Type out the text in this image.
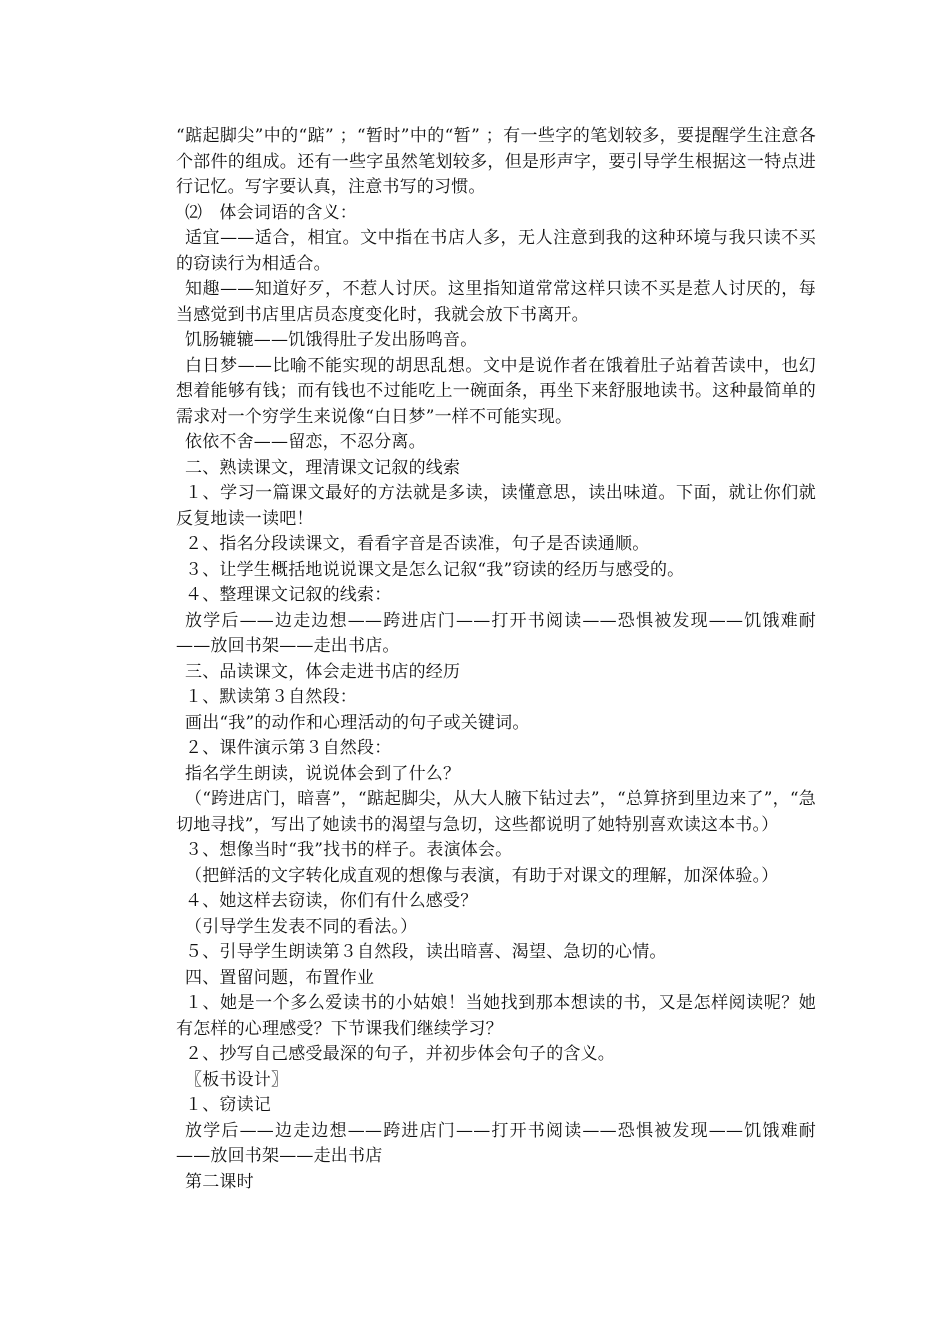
“踮起脚尖”中的“踮” ；“暂时”中的“暂” ；有一些字的笔划较多，要提醒学生注意各个部件的组成。还有一些字虽然笔划较多，但是形声字，要引导学生根据这一特点进行记忆。写字要认真，注意书写的习惯。

⑵　体会词语的含义：

适宜——适合，相宜。文中指在书店人多，无人注意到我的这种环境与我只读不买的窃读行为相适合。

知趣——知道好歹，不惹人讨厌。这里指知道常常这样只读不买是惹人讨厌的，每当感觉到书店里店员态度变化时，我就会放下书离开。

饥肠辘辘——饥饿得肚子发出肠鸣音。

白日梦——比喻不能实现的胡思乱想。文中是说作者在饿着肚子站着苦读中，也幻想着能够有钱；而有钱也不过能吃上一碗面条，再坐下来舒服地读书。这种最简单的需求对一个穷学生来说像“白日梦”一样不可能实现。

依依不舍——留恋，不忍分离。

二、熟读课文，理清课文记叙的线索

１、学习一篇课文最好的方法就是多读，读懂意思，读出味道。下面，就让你们就反复地读一读吧！

２、指名分段读课文，看看字音是否读准，句子是否读通顺。

３、让学生概括地说说课文是怎么记叙“我”窃读的经历与感受的。

４、整理课文记叙的线索：

放学后——边走边想——跨进店门——打开书阅读——恐惧被发现——饥饿难耐——放回书架——走出书店。

三、品读课文，体会走进书店的经历

１、默读第３自然段：

画出“我”的动作和心理活动的句子或关键词。

２、课件演示第３自然段：

指名学生朗读，说说体会到了什么？

（“跨进店门，暗喜”，“踮起脚尖，从大人腋下钻过去”，“总算挤到里边来了”，“急切地寻找”，写出了她读书的渴望与急切，这些都说明了她特别喜欢读这本书。）

３、想像当时“我”找书的样子。表演体会。

（把鲜活的文字转化成直观的想像与表演，有助于对课文的理解，加深体验。）

４、她这样去窃读，你们有什么感受？

（引导学生发表不同的看法。）

５、引导学生朗读第３自然段，读出暗喜、渴望、急切的心情。

四、置留问题，布置作业

１、她是一个多么爱读书的小姑娘！当她找到那本想读的书，又是怎样阅读呢？她有怎样的心理感受？下节课我们继续学习？

２、抄写自己感受最深的句子，并初步体会句子的含义。

〖板书设计〗

１、窃读记

放学后——边走边想——跨进店门——打开书阅读——恐惧被发现——饥饿难耐——放回书架——走出书店

第二课时
